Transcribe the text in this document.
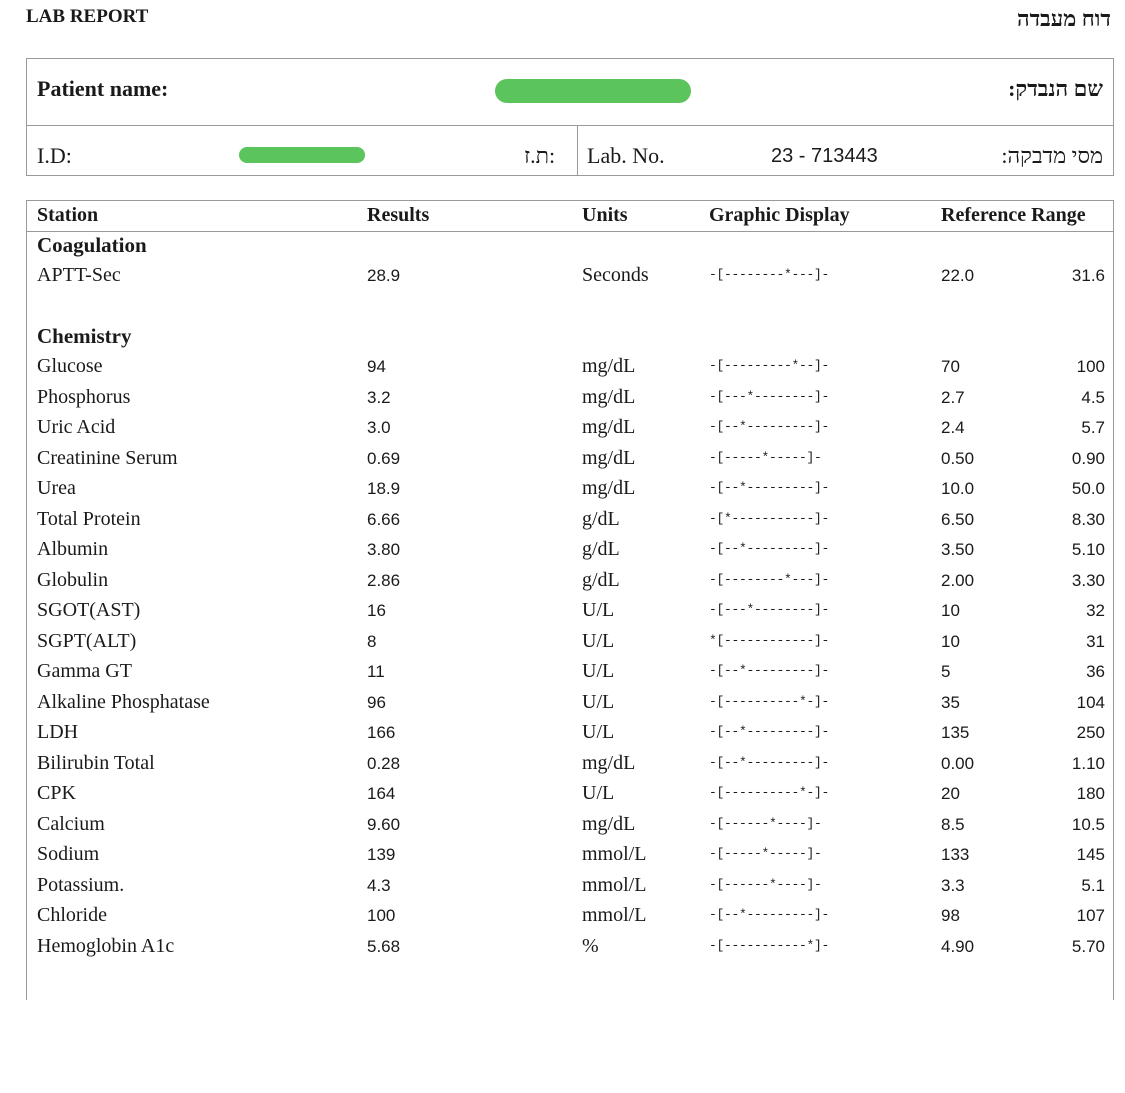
LAB REPORT	דוח מעבדה
Patient name:	שם הנבדק:
I.D:	:ת.ז Lab. No.	23 - 713443	מסי מדבקה:
Station	Results	Units	Graphic Display	Reference Range
Coagulation
APTT-Sec	28.9	Seconds	-[--------*---]-	22.0	31.6
Chemistry
Glucose	94	mg/dL	-[---------*--]-	70	100
Phosphorus	3.2	mg/dL	-[---*--------]-	2.7	4.5
Uric Acid	3.0	mg/dL	-[--*---------]-	2.4	5.7
Creatinine Serum	0.69	mg/dL	-[-----*-----]-	0.50	0.90
Urea	18.9	mg/dL	-[--*---------]-	10.0	50.0
Total Protein	6.66	g/dL	-[*-----------]-	6.50	8.30
Albumin	3.80	g/dL	-[--*---------]-	3.50	5.10
Globulin	2.86	g/dL	-[--------*---]-	2.00	3.30
SGOT(AST)	16	U/L	-[---*--------]-	10	32
SGPT(ALT)	8	U/L	*[------------]-	10	31
Gamma GT	11	U/L	-[--*---------]-	5	36
Alkaline Phosphatase	96	U/L	-[----------*-]-	35	104
LDH	166	U/L	-[--*---------]-	135	250
Bilirubin Total	0.28	mg/dL	-[--*---------]-	0.00	1.10
CPK	164	U/L	-[----------*-]-	20	180
Calcium	9.60	mg/dL	-[------*----]-	8.5	10.5
Sodium	139	mmol/L	-[-----*-----]-	133	145
Potassium.	4.3	mmol/L	-[------*----]-	3.3	5.1
Chloride	100	mmol/L	-[--*---------]-	98	107
Hemoglobin A1c	5.68	%	-[-----------*]-	4.90	5.70
